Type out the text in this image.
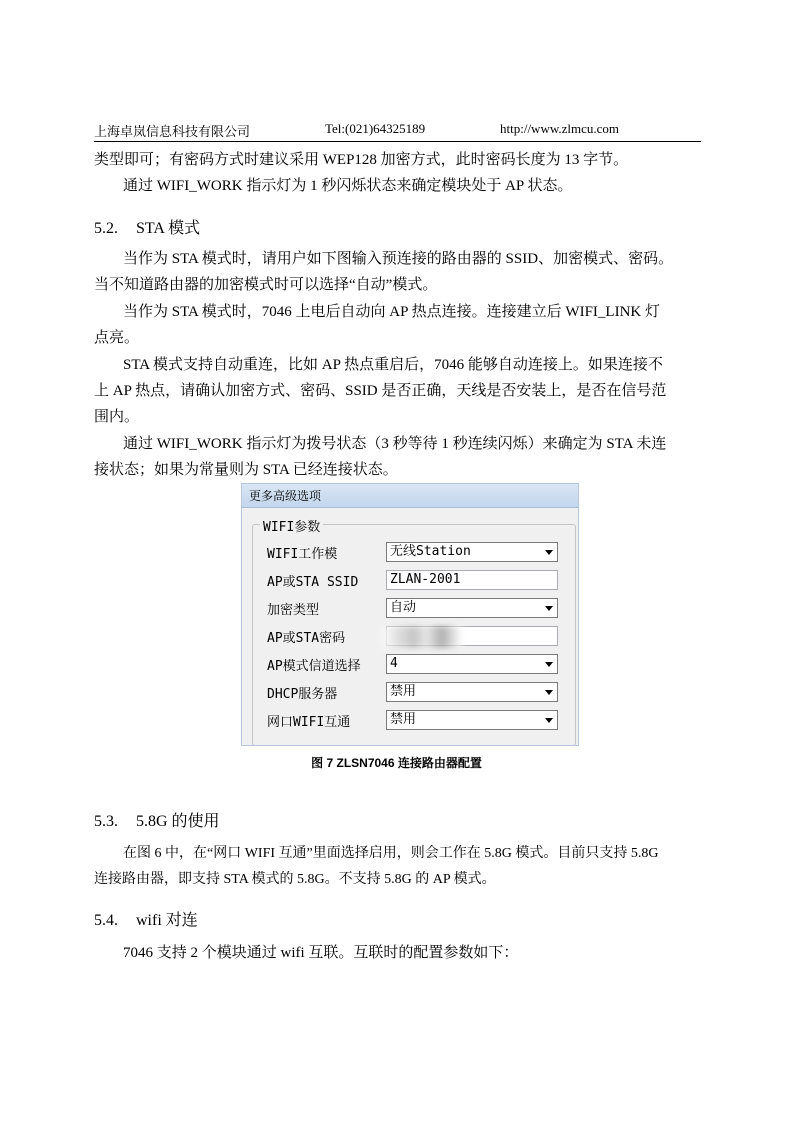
上海卓岚信息科技有限公司	Tel:(021)64325189	http://www.zlmcu.com
类型即可；有密码方式时建议采用 WEP128 加密方式，此时密码长度为 13 字节。
通过 WIFI_WORK 指示灯为 1 秒闪烁状态来确定模块处于 AP 状态。
5.2. STA 模式
当作为 STA 模式时，请用户如下图输入预连接的路由器的 SSID、加密模式、密码。
当不知道路由器的加密模式时可以选择“自动”模式。
当作为 STA 模式时，7046 上电后自动向 AP 热点连接。连接建立后 WIFI_LINK 灯
点亮。
STA 模式支持自动重连，比如 AP 热点重启后，7046 能够自动连接上。如果连接不
上 AP 热点，请确认加密方式、密码、SSID 是否正确，天线是否安装上，是否在信号范
围内。
通过 WIFI_WORK 指示灯为拨号状态（3 秒等待 1 秒连续闪烁）来确定为 STA 未连
接状态；如果为常量则为 STA 已经连接状态。
更多高级选项
WIFI参数
WIFI工作模	无线Station
AP或STA SSID	ZLAN-2001
加密类型	自动
AP或STA密码
AP模式信道选择	4
DHCP服务器	禁用
网口WIFI互通	禁用
图 7 ZLSN7046 连接路由器配置
5.3. 5.8G 的使用
在图 6 中，在“网口 WIFI 互通”里面选择启用，则会工作在 5.8G 模式。目前只支持 5.8G
连接路由器，即支持 STA 模式的 5.8G。不支持 5.8G 的 AP 模式。
5.4. wifi 对连
7046 支持 2 个模块通过 wifi 互联。互联时的配置参数如下：
